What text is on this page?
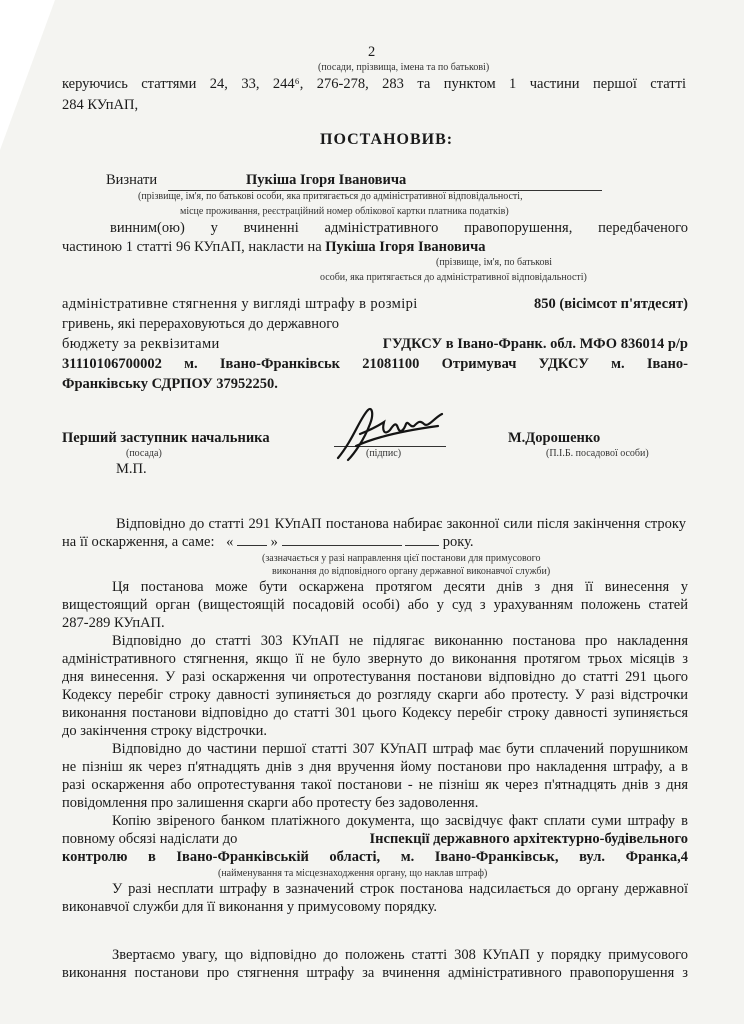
2
(посади, прізвища, імена та по батькові)
керуючись статтями 24, 33, 244⁶, 276-278, 283 та пунктом 1 частини першої статті
284 КУпАП,
ПОСТАНОВИВ:
Визнати	Пукіша Ігоря Івановича
(прізвище, ім'я, по батькові особи, яка притягається до адміністративної відповідальності,
місце проживання, реєстраційний номер облікової картки платника податків)
винним(ою) у вчиненні адміністративного правопорушення, передбаченого
частиною 1 статті 96 КУпАП, накласти на Пукіша Ігоря Івановича
(прізвище, ім'я, по батькові
особи, яка притягається до адміністративної відповідальності)
адміністративне стягнення у вигляді штрафу в розмірі	850 (вісімсот п'ятдесят)
гривень, які перераховуються до державного
бюджету за реквізитами	ГУДКСУ в Івано-Франк. обл. МФО 836014 р/р
31110106700002 м. Івано-Франківськ 21081100 Отримувач УДКСУ м. Івано-
Франківську СДРПОУ 37952250.
Перший заступник начальника
(посада)
М.П.
(підпис)
М.Дорошенко
(П.І.Б. посадової особи)
Відповідно до статті 291 КУпАП постанова набирає законної сили після закінчення строку
на її оскарження, а саме: «	»	року.
(зазначається у разі направлення цієї постанови для примусового
виконання до відповідного органу державної виконавчої служби)
Ця постанова може бути оскаржена протягом десяти днів з дня її винесення у
вищестоящий орган (вищестоящій посадовій особі) або у суд з урахуванням положень статей
287-289 КУпАП.
Відповідно до статті 303 КУпАП не підлягає виконанню постанова про накладення
адміністративного стягнення, якщо її не було звернуто до виконання протягом трьох місяців з
дня винесення. У разі оскарження чи опротестування постанови відповідно до статті 291 цього
Кодексу перебіг строку давності зупиняється до розгляду скарги або протесту. У разі відстрочки
виконання постанови відповідно до статті 301 цього Кодексу перебіг строку давності зупиняється
до закінчення строку відстрочки.
Відповідно до частини першої статті 307 КУпАП штраф має бути сплачений порушником
не пізніш як через п'ятнадцять днів з дня вручення йому постанови про накладення штрафу, а в
разі оскарження або опротестування такої постанови - не пізніш як через п'ятнадцять днів з дня
повідомлення про залишення скарги або протесту без задоволення.
Копію звіреного банком платіжного документа, що засвідчує факт сплати суми штрафу в
повному обсязі надіслати до	Інспекції державного архітектурно-будівельного
контролю в Івано-Франківській області, м. Івано-Франківськ, вул. Франка,4
(найменування та місцезнаходження органу, що наклав штраф)
У разі несплати штрафу в зазначений строк постанова надсилається до органу державної
виконавчої служби для її виконання у примусовому порядку.
Звертаємо увагу, що відповідно до положень статті 308 КУпАП у порядку примусового
виконання постанови про стягнення штрафу за вчинення адміністративного правопорушення з
